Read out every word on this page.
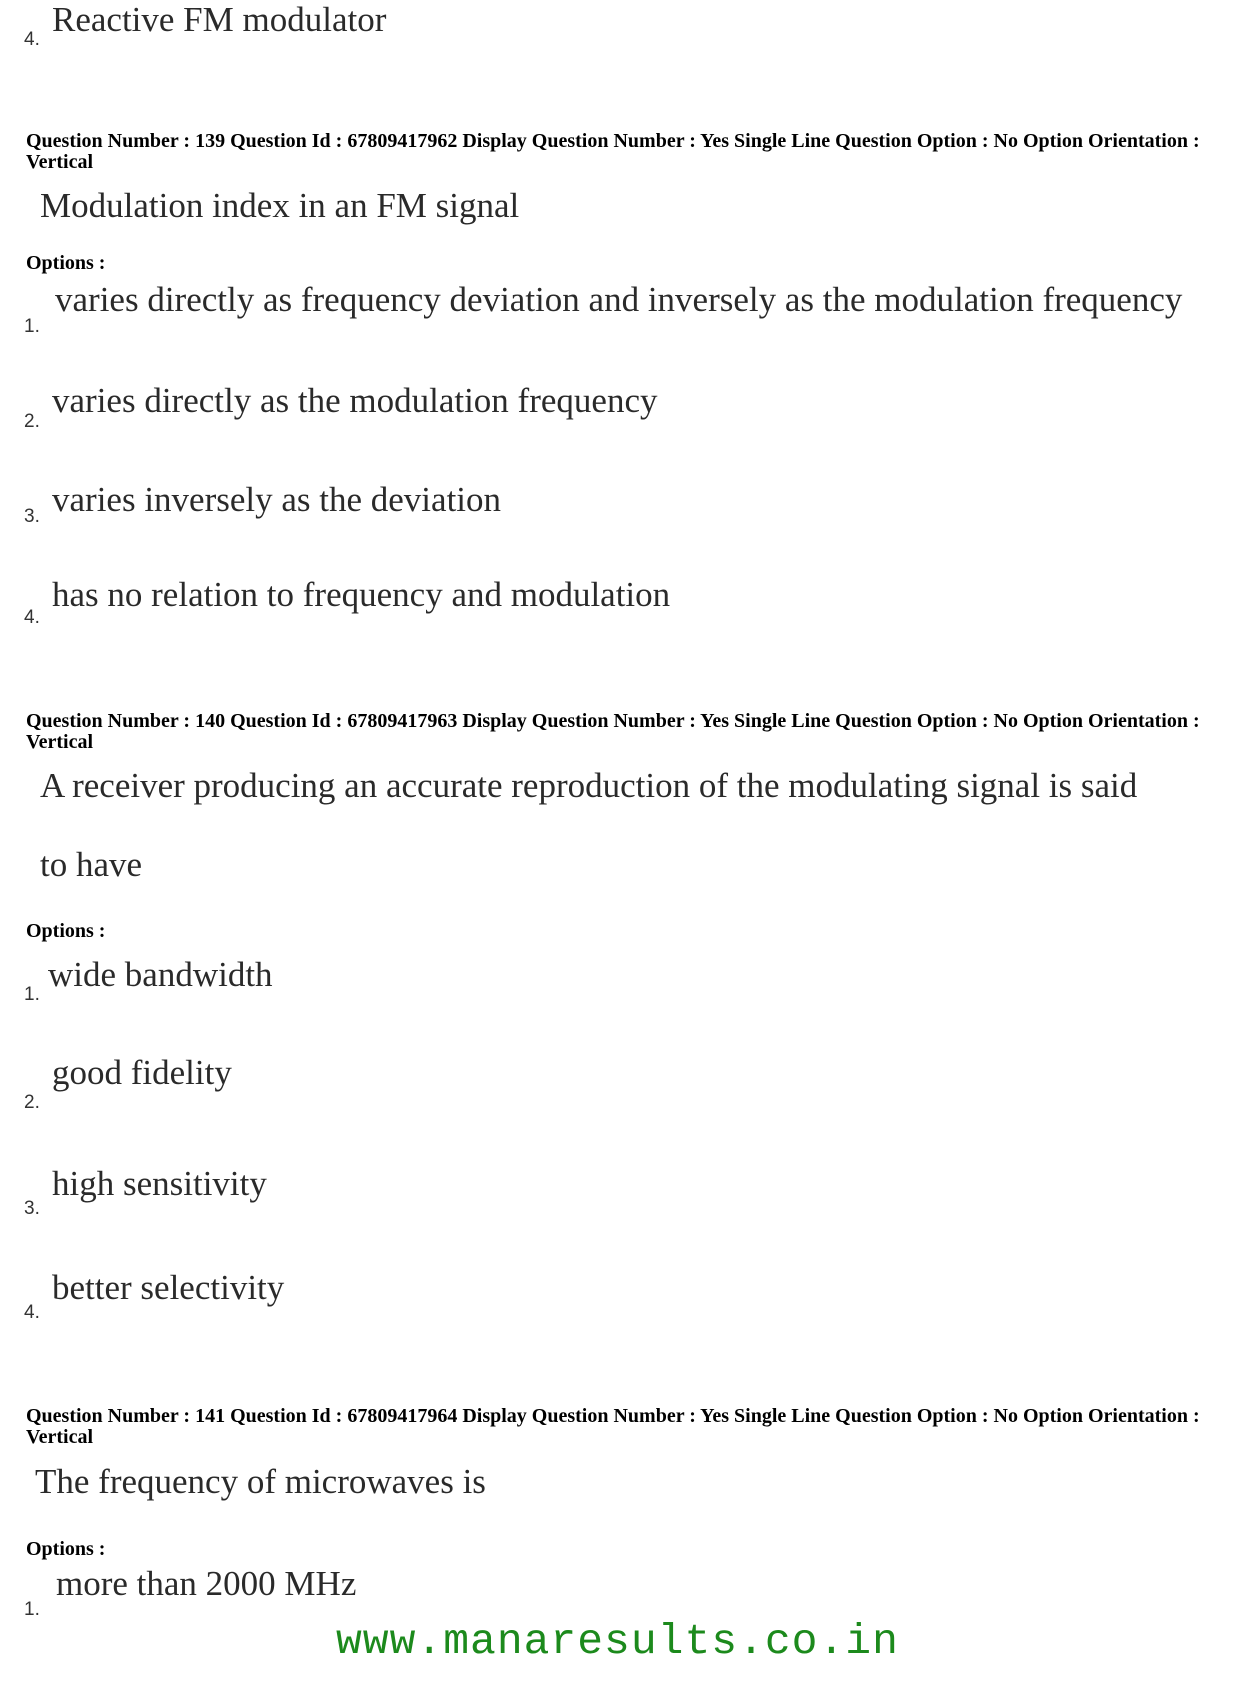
4.
Reactive FM modulator
Question Number : 139 Question Id : 67809417962 Display Question Number : Yes Single Line Question Option : No Option Orientation : Vertical
Modulation index in an FM signal
Options :
1.
varies directly as frequency deviation and inversely as the modulation frequency
2.
varies directly as the modulation frequency
3. varies inversely as the deviation
4.
has no relation to frequency and modulation
Question Number : 140 Question Id : 67809417963 Display Question Number : Yes Single Line Question Option : No Option Orientation : Vertical
A receiver producing an accurate reproduction of the modulating signal is said
to have
Options :
1.
wide bandwidth
2.
good fidelity
3.
high sensitivity
4.
better selectivity
Question Number : 141 Question Id : 67809417964 Display Question Number : Yes Single Line Question Option : No Option Orientation : Vertical
The frequency of microwaves is
Options :
1.
more than 2000 MHz
www.manaresults.co.in
